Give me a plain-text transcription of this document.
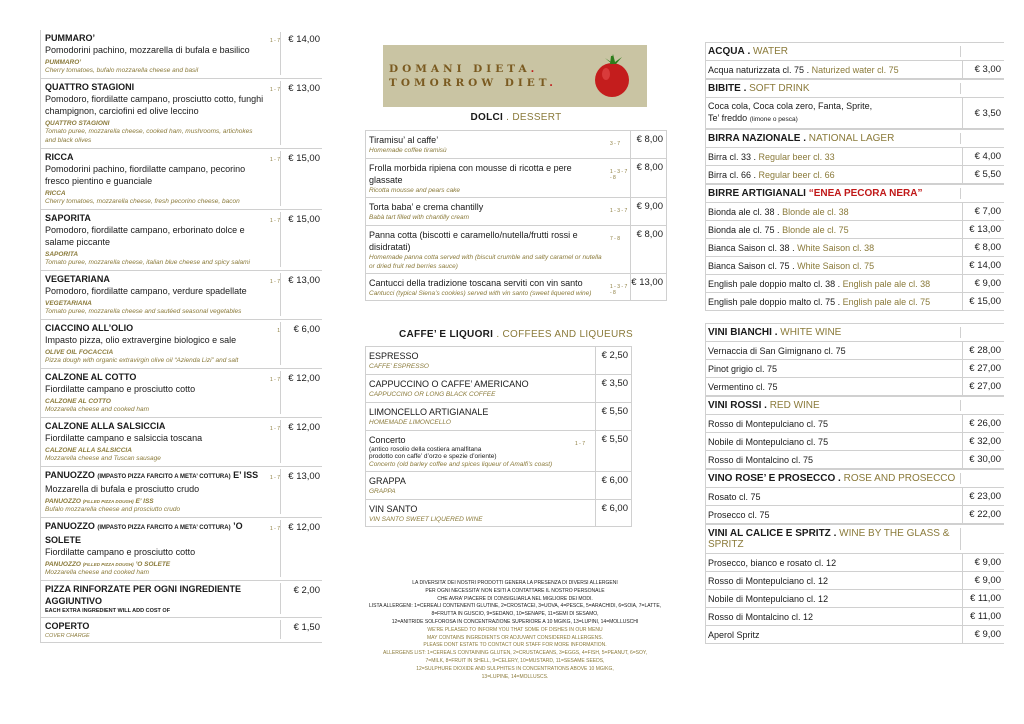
PUMMARO’
Pomodorini pachino, mozzarella di bufala e basilico
PUMMARO’
Cherry tomatoes, bufalo mozzarella cheese and basil
1 - 7 € 14,00
QUATTRO STAGIONI
Pomodoro, fiordilatte campano, prosciutto cotto, funghi champignon, carciofini ed olive leccino
QUATTRO STAGIONI
Tomato puree, mozzarella cheese, cooked ham, mushrooms, artichokes and black olives
1 - 7 € 13,00
RICCA
Pomodorini pachino, fiordilatte campano, pecorino fresco pientino e guanciale
RICCA
Cherry tomatoes, mozzarella cheese, fresh pecorino cheese, bacon
1 - 7 € 15,00
SAPORITA
Pomodoro, fiordilatte campano, erborinato dolce e salame piccante
SAPORITA
Tomato puree, mozzarella cheese, italian blue cheese and spicy salami
1 - 7 € 15,00
VEGETARIANA
Pomodoro, fiordilatte campano, verdure spadellate
VEGETARIANA
Tomato puree, mozzarella cheese and sautéed seasonal vegetables
1 - 7 € 13,00
CIACCINO ALL’OLIO
Impasto pizza, olio extravergine biologico e sale
OLIVE OIL FOCACCIA
Pizza dough with organic extravirgin olive oil “Azienda Lizi” and salt
1	€ 6,00
CALZONE AL COTTO
Fiordilatte campano e prosciutto cotto
CALZONE AL COTTO
Mozzarella cheese and cooked ham
1 - 7 € 12,00
CALZONE ALLA SALSICCIA
Fiordilatte campano e salsiccia toscana
CALZONE ALLA SALSICCIA
Mozzarella cheese and Tuscan sausage
1 - 7 € 12,00
PANUOZZO (IMPASTO PIZZA FARCITO A META’ COTTURA) E’ ISS
Mozzarella di bufala e prosciutto crudo
PANUOZZO (FILLED PIZZA DOUGH) E’ ISS
Bufalo mozzarella cheese and prosciutto crudo
1 - 7 € 13,00
PANUOZZO (IMPASTO PIZZA FARCITO A META’ COTTURA) ’O SOLETE
Fiordilatte campano e prosciutto cotto
PANUOZZO (FILLED PIZZA DOUGH) ’O SOLETE
Mozzarella cheese and cooked ham
1 - 7 € 12,00
PIZZA RINFORZATE PER OGNI INGREDIENTE AGGIUNTIVO
EACH EXTRA INGREDIENT WILL ADD COST OF
€ 2,00
COPERTO
COVER CHARGE
€ 1,50
DOMANI DIETA.
TOMORROW DIET.
DOLCI . DESSERT
Tiramisu’ al caffe’
Homemade coffee tiramisù
3 - 7	€ 8,00
Frolla morbida ripiena con mousse di ricotta e pere glassate
Ricotta mousse and pears cake
1 - 3 - 7 - 8
€ 8,00
Torta baba’ e crema chantilly
Babà tart filled with chantilly cream
1 - 3 - 7 € 9,00
Panna cotta (biscotti e caramello/nutella/frutti rossi e disidratati)
Homemade panna cotta served with (biscuit crumble and salty caramel or nutella or dried fruit red berries sauce)
7 - 8	€ 8,00
Cantucci della tradizione toscana serviti con vin santo
Cantucci (typical Siena’s cookies) served with vin santo (sweet liquered wine)
1 - 3 - 7 - 8
€ 13,00
CAFFE’ E LIQUORI . COFFEES AND LIQUEURS
ESPRESSO
CAFFE’ ESPRESSO
€ 2,50
CAPPUCCINO O CAFFE’ AMERICANO
CAPPUCCINO OR LONG BLACK COFFEE
€ 3,50
LIMONCELLO ARTIGIANALE
HOMEMADE LIMONCELLO
€ 5,50
Concerto
(antico rosolio della costiera amalfitana
prodotto con caffe’ d’orzo e spezie d’oriente)
Concerto (old barley coffee and spices liqueur of Amalfi’s coast)
1 - 7	€ 5,50
GRAPPA
GRAPPA
€ 6,00
VIN SANTO
VIN SANTO SWEET LIQUERED WINE
€ 6,00
LA DIVERSITA’ DEI NOSTRI PRODOTTI GENERA LA PRESENZA DI DIVERSI ALLERGENI
PER OGNI NECESSITA’ NON ESITI A CONTATTARE IL NOSTRO PERSONALE
CHE AVRA’ PIACERE DI CONSIGLIARLA NEL MIGLIORE DEI MODI.
LISTA ALLERGENI: 1=CEREALI CONTENENTI GLUTINE, 2=CROSTACEI, 3=UOVA, 4=PESCE, 5=ARACHIDI, 6=SOIA, 7=LATTE,
8=FRUTTA IN GUSCIO, 9=SEDANO, 10=SENAPE, 11=SEMI DI SESAMO,
12=ANITRIDE SOLFOROSA IN CONCENTRAZIONE SUPERIORE A 10 MG/KG, 13=LUPINI, 14=MOLLUSCHI
WE’RE PLEASED TO INFORM YOU THAT SOME OF DISHES IN OUR MENU
MAY CONTAINS INGREDIENTS OR ADJUVANT CONSIDERED ALLERGENS.
PLEASE DONT ESTATE TO CONTACT OUR STAFF FOR MORE INFORMATION.
ALLERGENS LIST: 1=CEREALS CONTAINING GLUTEN, 2=CRUSTACEANS, 3=EGGS, 4=FISH, 5=PEANUT, 6=SOY,
7=MILK, 8=FRUIT IN SHELL, 9=CELERY, 10=MUSTARD, 11=SESAME SEEDS,
12=SULPHURE DIOXIDE AND SULPHITES IN CONCENTRATIONS ABOVE 10 MG/KG,
13=LUPINE, 14=MOLLUSCS.
ACQUA . WATER
Acqua naturizzata cl. 75 . Naturized water cl. 75	€ 3,00
BIBITE . SOFT DRINK
Coca cola, Coca cola zero, Fanta, Sprite,
Te’ freddo (limone o pesca)
€ 3,50
BIRRA NAZIONALE . NATIONAL LAGER
Birra cl. 33 . Regular beer cl. 33	€ 4,00
Birra cl. 66 . Regular beer cl. 66	€ 5,50
BIRRE ARTIGIANALI “ENEA PECORA NERA”
Bionda ale cl. 38 . Blonde ale cl. 38	€ 7,00
Bionda ale cl. 75 . Blonde ale cl. 75	€ 13,00
Bianca Saison cl. 38 . White Saison cl. 38	€ 8,00
Bianca Saison cl. 75 . White Saison cl. 75	€ 14,00
English pale doppio malto cl. 38 . English pale ale cl. 38	€ 9,00
English pale doppio malto cl. 75 . English pale ale cl. 75	€ 15,00
VINI BIANCHI . WHITE WINE
Vernaccia di San Gimignano cl. 75	€ 28,00
Pinot grigio cl. 75	€ 27,00
Vermentino cl. 75	€ 27,00
VINI ROSSI . RED WINE
Rosso di Montepulciano cl. 75	€ 26,00
Nobile di Montepulciano cl. 75	€ 32,00
Rosso di Montalcino cl. 75	€ 30,00
VINO ROSE’ E PROSECCO . ROSE AND PROSECCO
Rosato cl. 75	€ 23,00
Prosecco cl. 75	€ 22,00
VINI AL CALICE E SPRITZ . WINE BY THE GLASS & SPRITZ
Prosecco, bianco e rosato cl. 12	€ 9,00
Rosso di Montepulciano cl. 12	€ 9,00
Nobile di Montepulciano cl. 12	€ 11,00
Rosso di Montalcino cl. 12	€ 11,00
Aperol Spritz	€ 9,00
